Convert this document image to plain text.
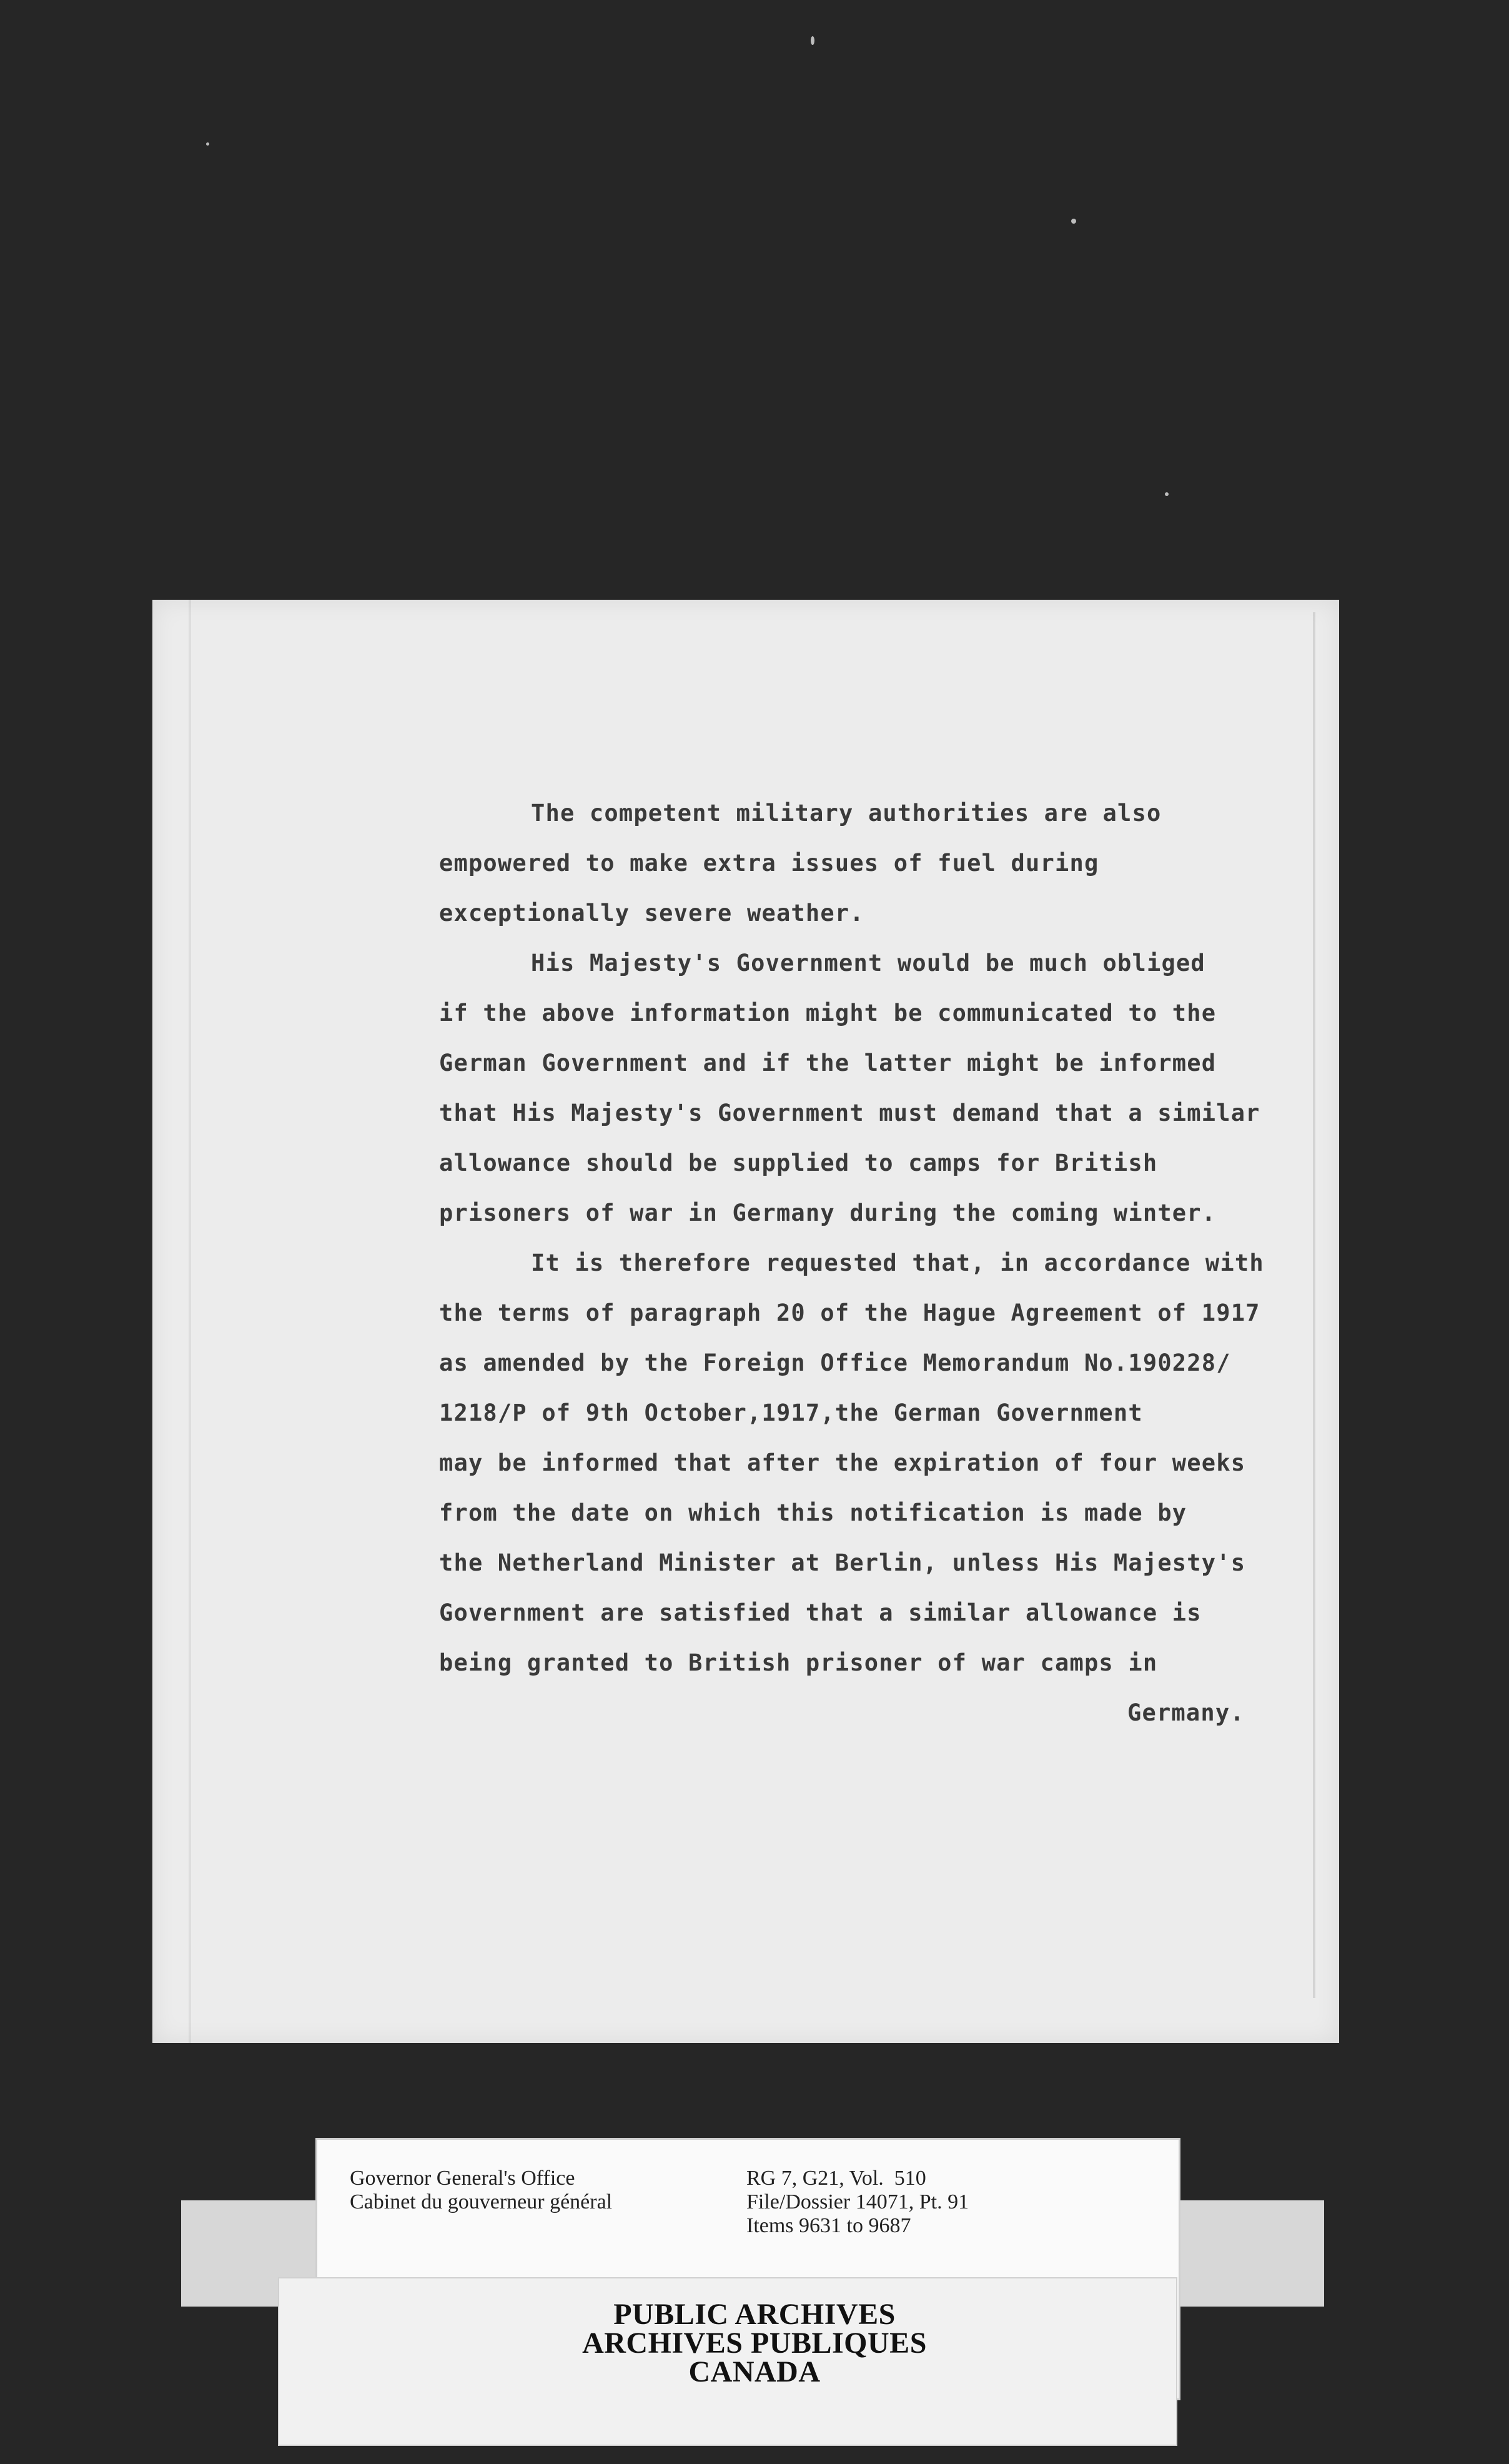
The competent military authorities are also
empowered to make extra issues of fuel during
exceptionally severe weather.
His Majesty's Government would be much obliged
if the above information might be communicated to the
German Government and if the latter might be informed
that His Majesty's Government must demand that a similar
allowance should be supplied to camps for British
prisoners of war in Germany during the coming winter.
It is therefore requested that, in accordance with
the terms of paragraph 20 of the Hague Agreement of 1917
as amended by the Foreign Office Memorandum No.190228/
1218/P of 9th October,1917,the German Government
may be informed that after the expiration of four weeks
from the date on which this notification is made by
the Netherland Minister at Berlin, unless His Majesty's
Government are satisfied that a similar allowance is
being granted to British prisoner of war camps in
Germany.
Governor General's Office
Cabinet du gouverneur général
RG 7, G21, Vol.  510
File/Dossier 14071, Pt. 91
Items 9631 to 9687
PUBLIC ARCHIVES
ARCHIVES PUBLIQUES
CANADA
